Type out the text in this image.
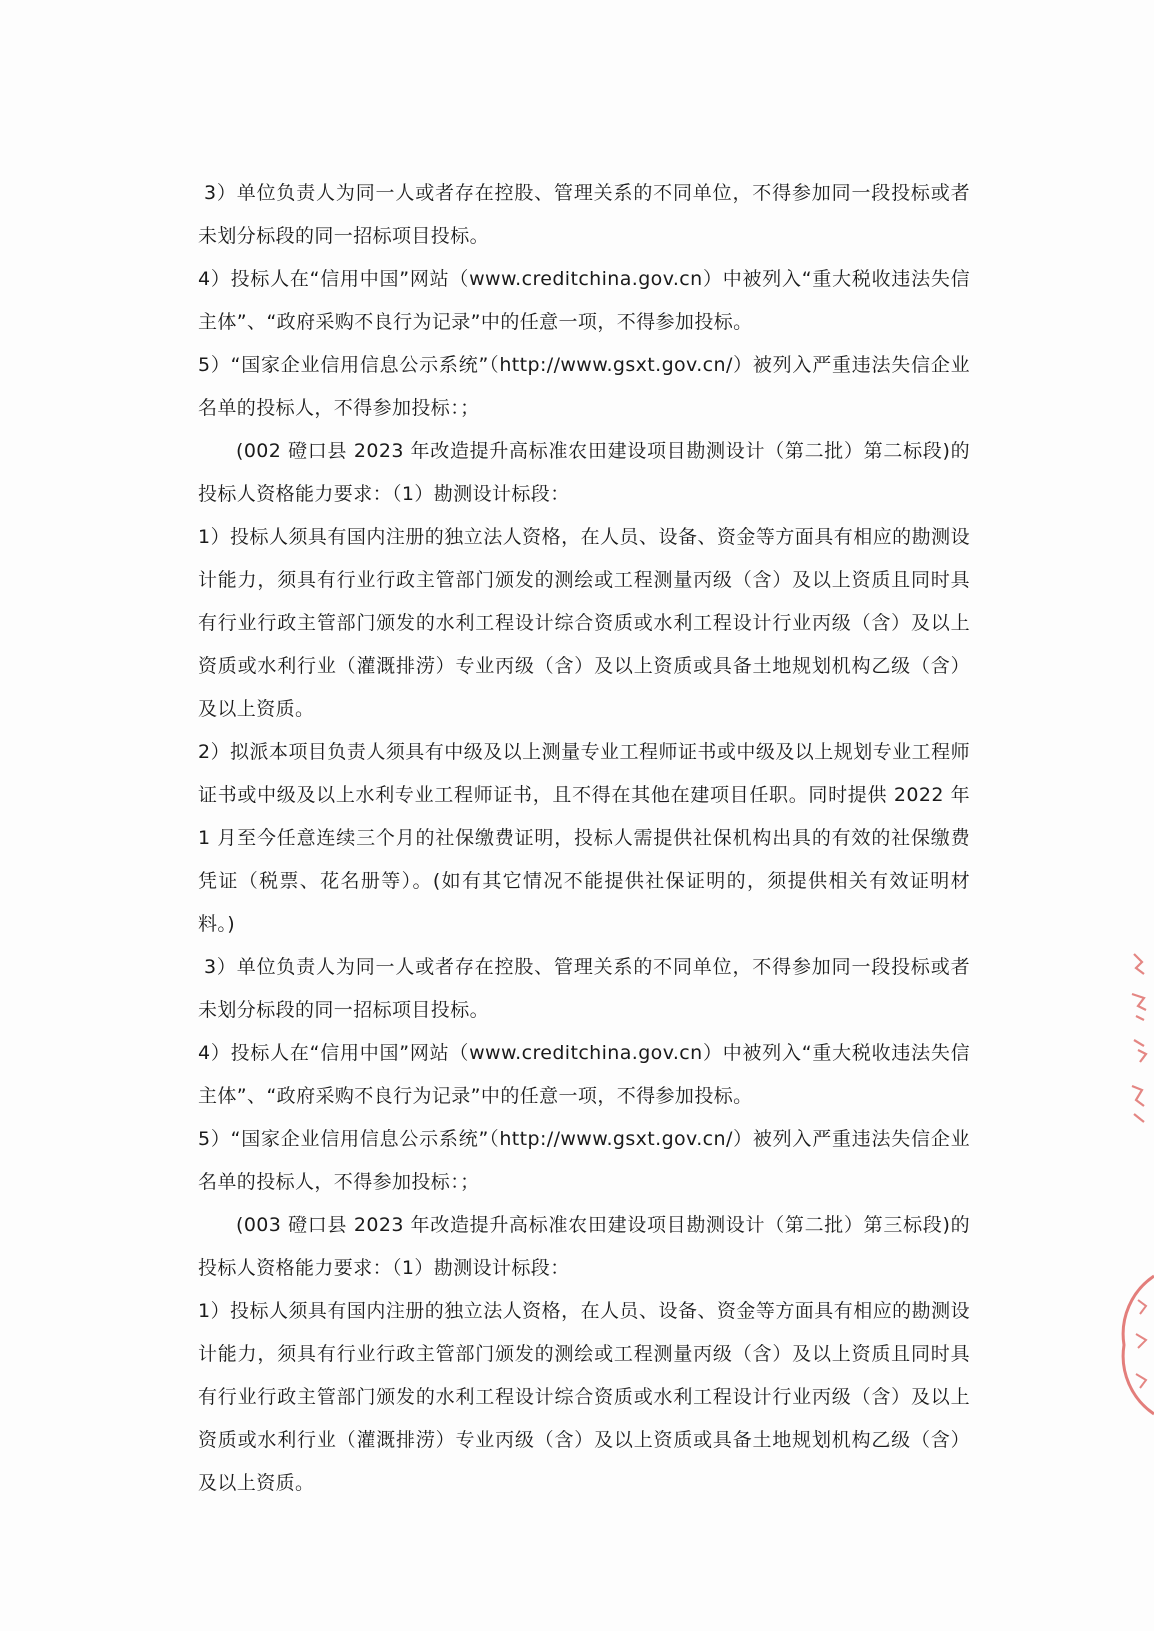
3）单位负责人为同一人或者存在控股、管理关系的不同单位，不得参加同一段投标或者未划分标段的同一招标项目投标。

4）投标人在“信用中国”网站（www.creditchina.gov.cn）中被列入“重大税收违法失信主体”、“政府采购不良行为记录”中的任意一项，不得参加投标。

5）“国家企业信用信息公示系统”（http://www.gsxt.gov.cn/）被列入严重违法失信企业名单的投标人，不得参加投标：；

(002 磴口县 2023 年改造提升高标准农田建设项目勘测设计（第二批）第二标段)的投标人资格能力要求：（1）勘测设计标段：

1）投标人须具有国内注册的独立法人资格，在人员、设备、资金等方面具有相应的勘测设计能力，须具有行业行政主管部门颁发的测绘或工程测量丙级（含）及以上资质且同时具有行业行政主管部门颁发的水利工程设计综合资质或水利工程设计行业丙级（含）及以上资质或水利行业（灌溉排涝）专业丙级（含）及以上资质或具备土地规划机构乙级（含）及以上资质。

2）拟派本项目负责人须具有中级及以上测量专业工程师证书或中级及以上规划专业工程师证书或中级及以上水利专业工程师证书，且不得在其他在建项目任职。同时提供 2022 年 1 月至今任意连续三个月的社保缴费证明，投标人需提供社保机构出具的有效的社保缴费凭证（税票、花名册等）。(如有其它情况不能提供社保证明的，须提供相关有效证明材料。)

3）单位负责人为同一人或者存在控股、管理关系的不同单位，不得参加同一段投标或者未划分标段的同一招标项目投标。

4）投标人在“信用中国”网站（www.creditchina.gov.cn）中被列入“重大税收违法失信主体”、“政府采购不良行为记录”中的任意一项，不得参加投标。

5）“国家企业信用信息公示系统”（http://www.gsxt.gov.cn/）被列入严重违法失信企业名单的投标人，不得参加投标：；

(003 磴口县 2023 年改造提升高标准农田建设项目勘测设计（第二批）第三标段)的投标人资格能力要求：（1）勘测设计标段：

1）投标人须具有国内注册的独立法人资格，在人员、设备、资金等方面具有相应的勘测设计能力，须具有行业行政主管部门颁发的测绘或工程测量丙级（含）及以上资质且同时具有行业行政主管部门颁发的水利工程设计综合资质或水利工程设计行业丙级（含）及以上资质或水利行业（灌溉排涝）专业丙级（含）及以上资质或具备土地规划机构乙级（含）及以上资质。
